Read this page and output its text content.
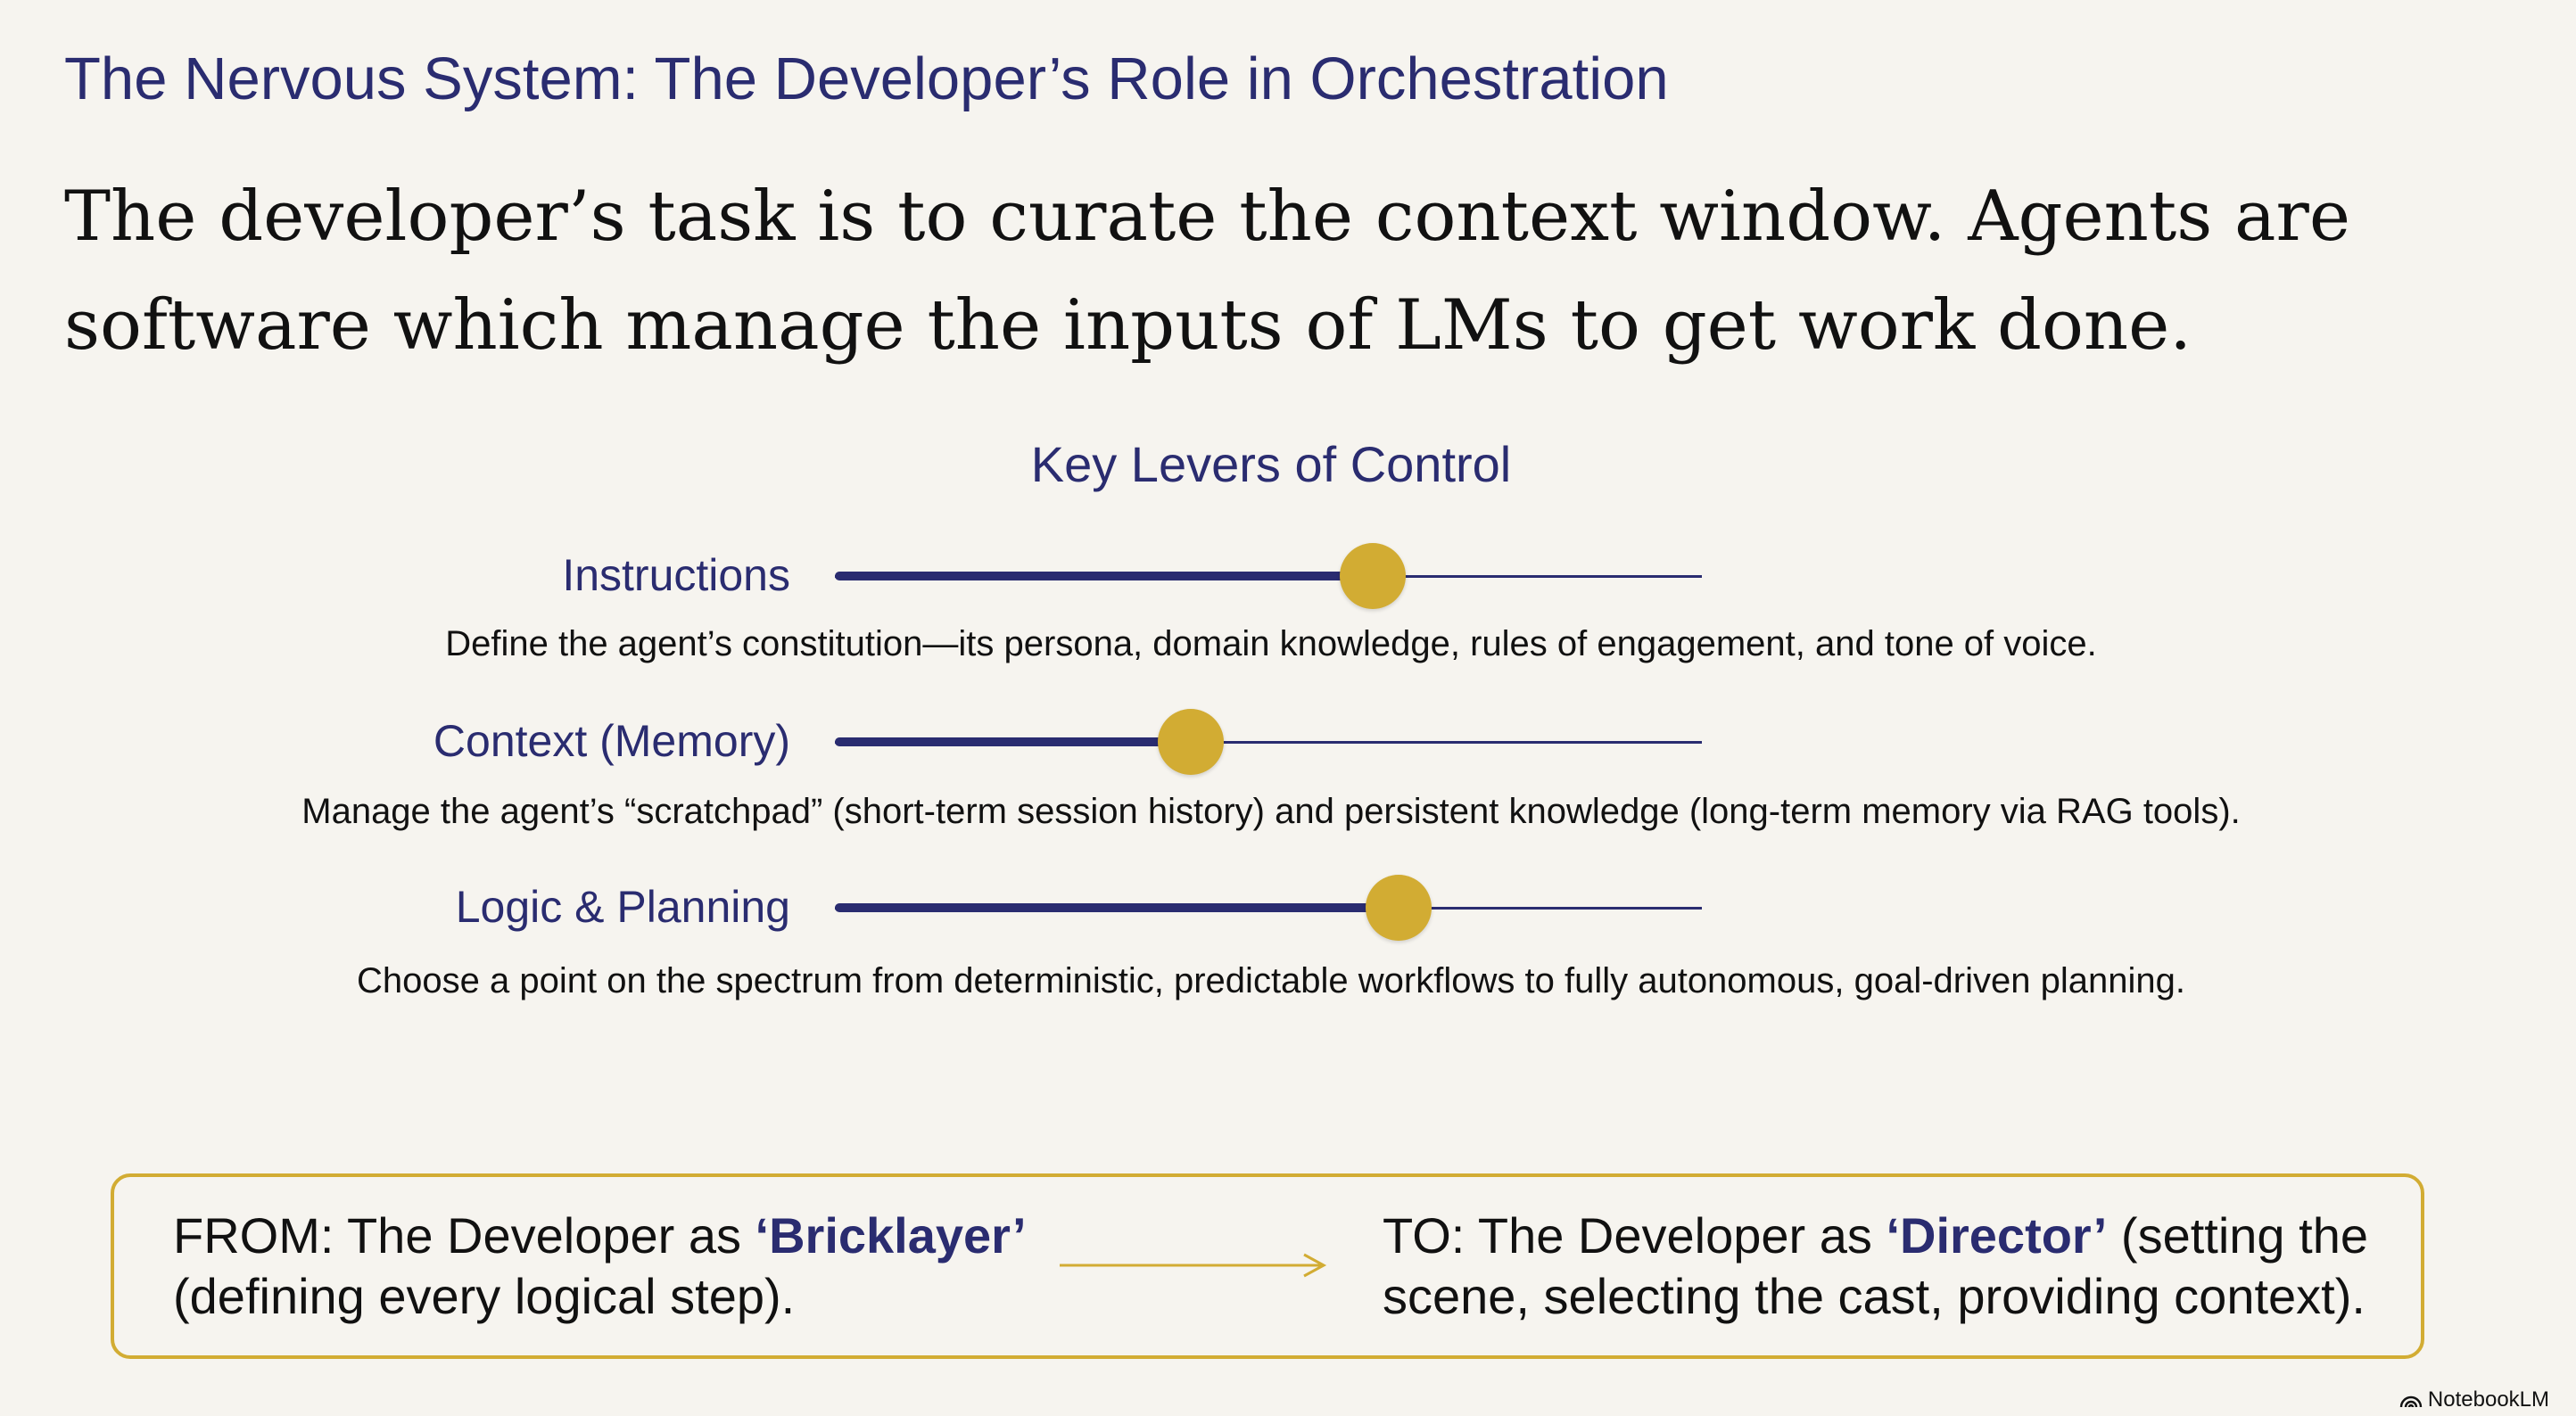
The Nervous System: The Developer’s Role in Orchestration
The developer’s task is to curate the context window. Agents are
software which manage the inputs of LMs to get work done.
Key Levers of Control
Instructions
Define the agent’s constitution—its persona, domain knowledge, rules of engagement, and tone of voice.
Context (Memory)
Manage the agent’s “scratchpad” (short-term session history) and persistent knowledge (long-term memory via RAG tools).
Logic & Planning
Choose a point on the spectrum from deterministic, predictable workflows to fully autonomous, goal-driven planning.
FROM: The Developer as ‘Bricklayer’
(defining every logical step).
TO: The Developer as ‘Director’ (setting the
scene, selecting the cast, providing context).
NotebookLM
